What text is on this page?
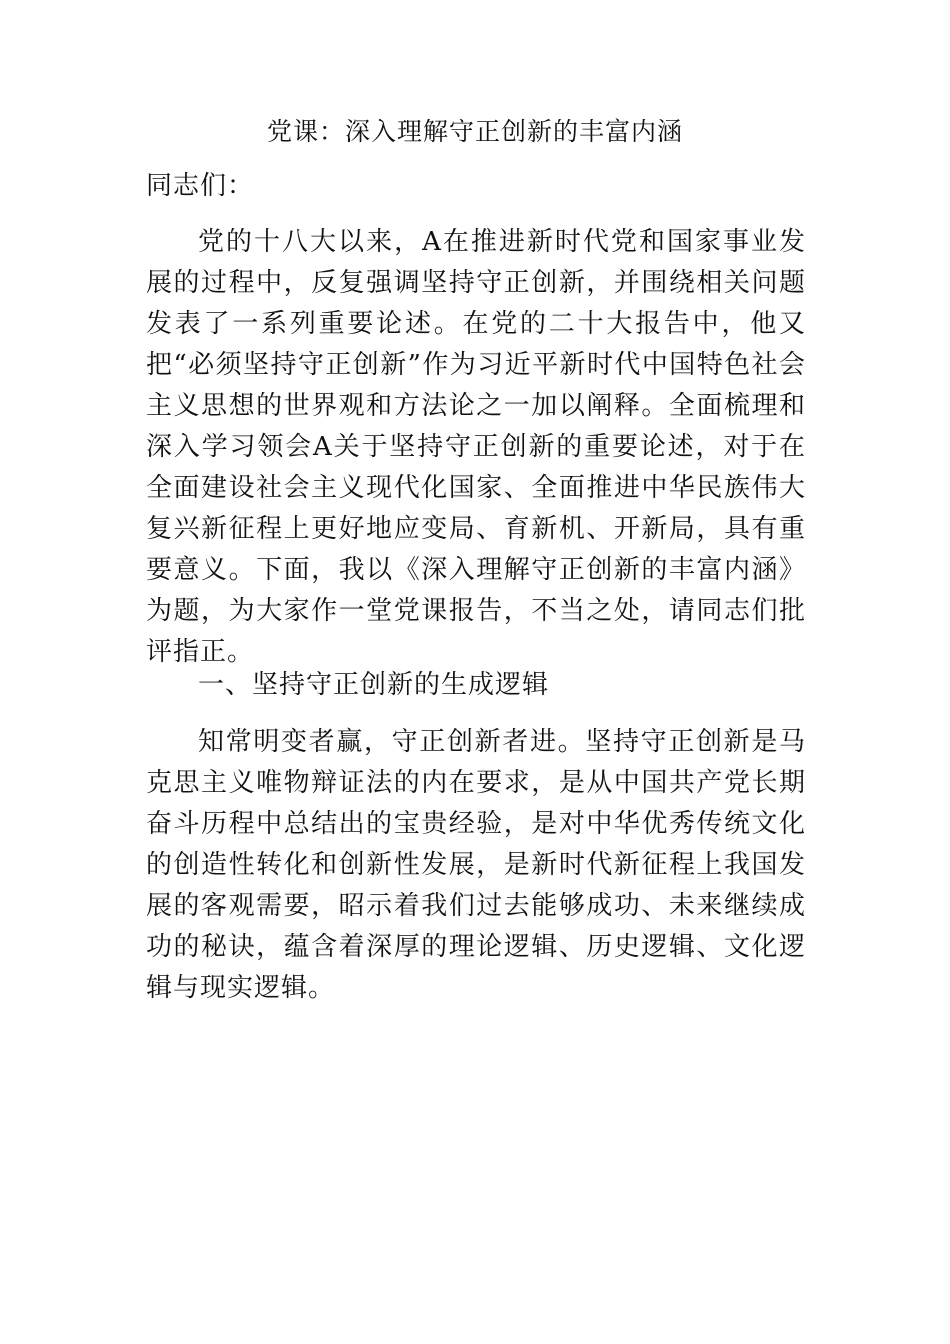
党课：深入理解守正创新的丰富内涵
同志们：

党的十八大以来，A在推进新时代党和国家事业发展的过程中，反复强调坚持守正创新，并围绕相关问题发表了一系列重要论述。在党的二十大报告中，他又把“必须坚持守正创新”作为习近平新时代中国特色社会主义思想的世界观和方法论之一加以阐释。全面梳理和深入学习领会A关于坚持守正创新的重要论述，对于在全面建设社会主义现代化国家、全面推进中华民族伟大复兴新征程上更好地应变局、育新机、开新局，具有重要意义。下面，我以《深入理解守正创新的丰富内涵》为题，为大家作一堂党课报告，不当之处，请同志们批评指正。

一、坚持守正创新的生成逻辑

知常明变者赢，守正创新者进。坚持守正创新是马克思主义唯物辩证法的内在要求，是从中国共产党长期奋斗历程中总结出的宝贵经验，是对中华优秀传统文化的创造性转化和创新性发展，是新时代新征程上我国发展的客观需要，昭示着我们过去能够成功、未来继续成功的秘诀，蕴含着深厚的理论逻辑、历史逻辑、文化逻辑与现实逻辑。
